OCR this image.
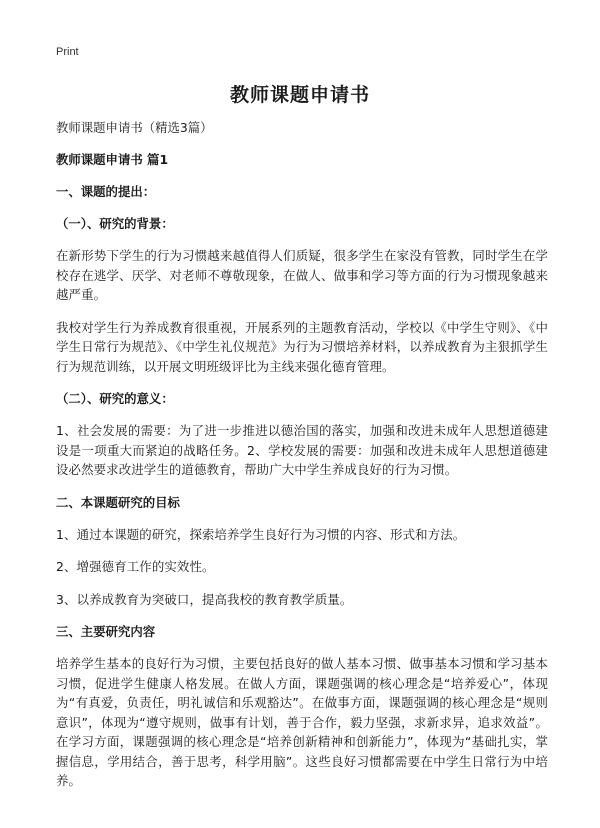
Print
教师课题申请书

教师课题申请书（精选3篇）

教师课题申请书 篇1

一、课题的提出：

（一）、研究的背景：

在新形势下学生的行为习惯越来越值得人们质疑，很多学生在家没有管教，同时学生在学校存在逃学、厌学、对老师不尊敬现象，在做人、做事和学习等方面的行为习惯现象越来越严重。

我校对学生行为养成教育很重视，开展系列的主题教育活动，学校以《中学生守则》、《中学生日常行为规范》、《中学生礼仪规范》为行为习惯培养材料，以养成教育为主狠抓学生行为规范训练，以开展文明班级评比为主线来强化德育管理。

（二）、研究的意义：

1、社会发展的需要：为了进一步推进以德治国的落实，加强和改进未成年人思想道德建设是一项重大而紧迫的战略任务。2、学校发展的需要：加强和改进未成年人思想道德建设必然要求改进学生的道德教育，帮助广大中学生养成良好的行为习惯。

二、本课题研究的目标

1、通过本课题的研究，探索培养学生良好行为习惯的内容、形式和方法。

2、增强德育工作的实效性。

3、以养成教育为突破口，提高我校的教育教学质量。

三、主要研究内容

培养学生基本的良好行为习惯，主要包括良好的做人基本习惯、做事基本习惯和学习基本习惯，促进学生健康人格发展。在做人方面，课题强调的核心理念是“培养爱心”，体现为“有真爱，负责任，明礼诚信和乐观豁达”。在做事方面，课题强调的核心理念是“规则意识”，体现为“遵守规则，做事有计划，善于合作，毅力坚强，求新求异，追求效益”。在学习方面，课题强调的核心理念是“培养创新精神和创新能力”，体现为“基础扎实，掌握信息，学用结合，善于思考，科学用脑”。这些良好习惯都需要在中学生日常行为中培养。
